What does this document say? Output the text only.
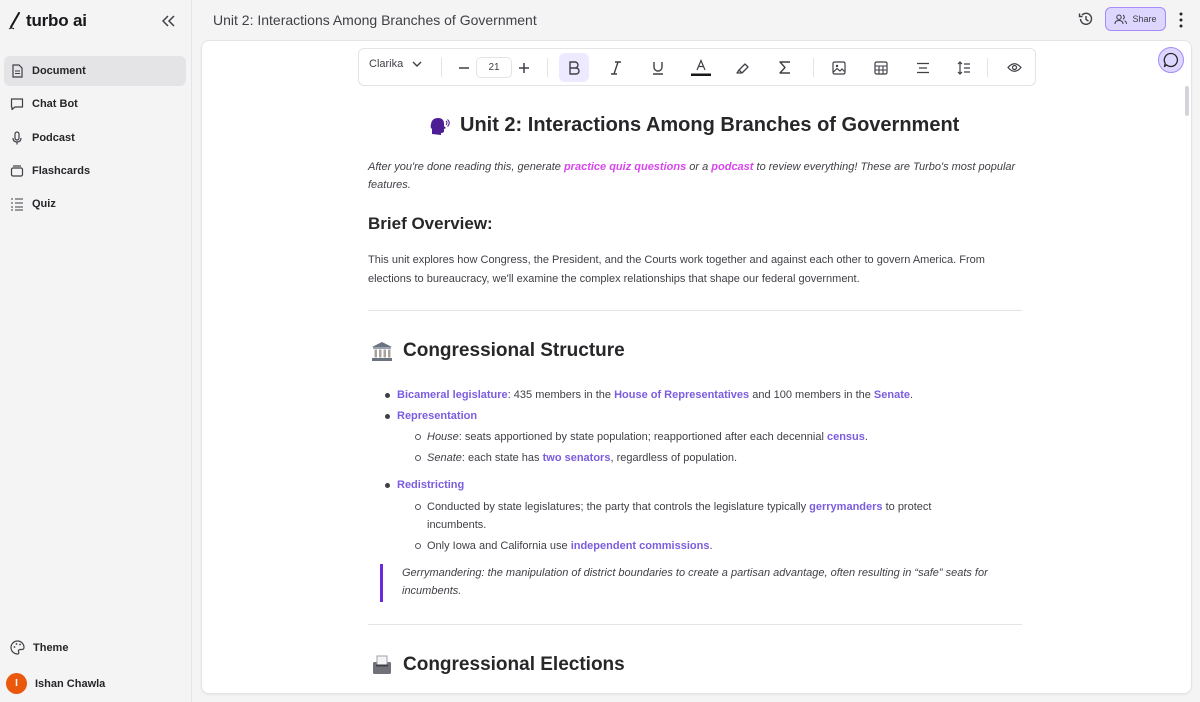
turbo ai
Document
Chat Bot
Podcast
Flashcards
Quiz
Theme
I	Ishan Chawla
Unit 2: Interactions Among Branches of Government	Share
Clarika	21
Unit 2: Interactions Among Branches of Government
After you're done reading this, generate practice quiz questions or a podcast to review everything! These are Turbo's most popular features.
Brief Overview:
This unit explores how Congress, the President, and the Courts work together and against each other to govern America. From elections to bureaucracy, we'll examine the complex relationships that shape our federal government.
Congressional Structure
Bicameral legislature: 435 members in the House of Representatives and 100 members in the Senate.
Representation
House: seats apportioned by state population; reapportioned after each decennial census.
Senate: each state has two senators, regardless of population.
Redistricting
Conducted by state legislatures; the party that controls the legislature typically gerrymanders to protect incumbents.
Only Iowa and California use independent commissions.
Gerrymandering: the manipulation of district boundaries to create a partisan advantage, often resulting in “safe” seats for incumbents.
Congressional Elections
